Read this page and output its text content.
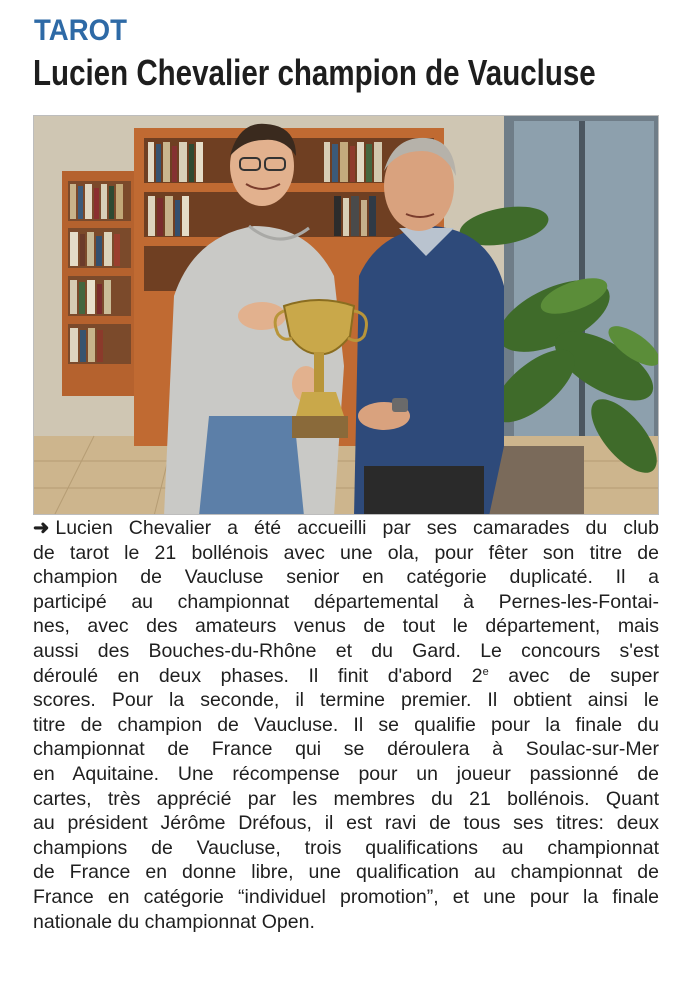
TAROT
Lucien Chevalier champion de Vaucluse
➜ Lucien Chevalier a été accueilli par ses camarades du club
de tarot le 21 bollénois avec une ola, pour fêter son titre de
champion de Vaucluse senior en catégorie duplicaté. Il a
participé au championnat départemental à Pernes-les-Fontai-
nes, avec des amateurs venus de tout le département, mais
aussi des Bouches-du-Rhône et du Gard. Le concours s'est
déroulé en deux phases. Il finit d'abord 2e avec de super
scores. Pour la seconde, il termine premier. Il obtient ainsi le
titre de champion de Vaucluse. Il se qualifie pour la finale du
championnat de France qui se déroulera à Soulac-sur-Mer
en Aquitaine. Une récompense pour un joueur passionné de
cartes, très apprécié par les membres du 21 bollénois. Quant
au président Jérôme Dréfous, il est ravi de tous ses titres: deux
champions de Vaucluse, trois qualifications au championnat
de France en donne libre, une qualification au championnat de
France en catégorie “individuel promotion”, et une pour la finale
nationale du championnat Open.
